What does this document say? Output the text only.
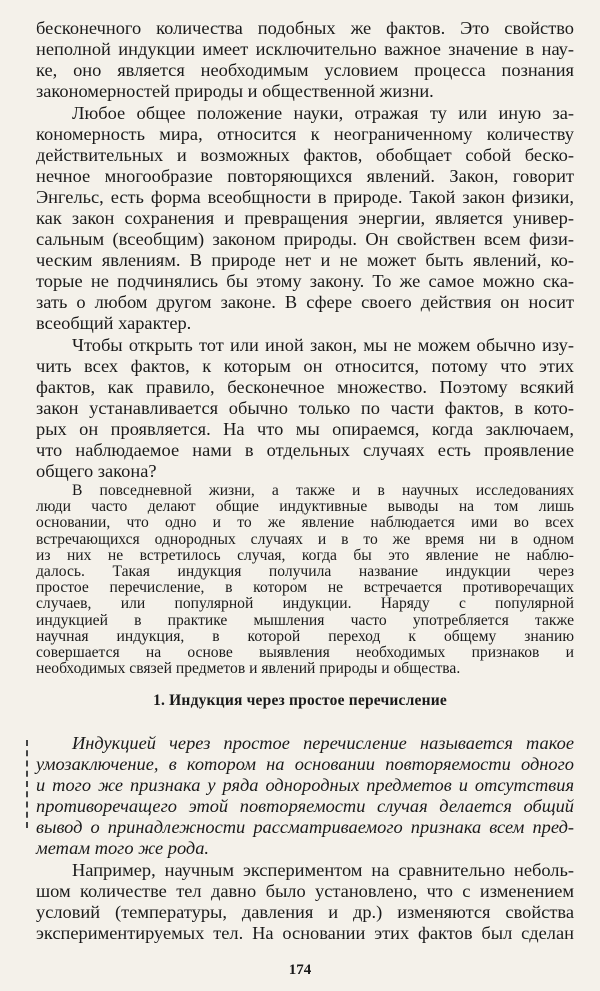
бесконечного количества подобных же фактов. Это свойство
неполной индукции имеет исключительно важное значение в нау-
ке, оно является необходимым условием процесса познания
закономерностей природы и общественной жизни.
Любое общее положение науки, отражая ту или иную за-
кономерность мира, относится к неограниченному количеству
действительных и возможных фактов, обобщает собой беско-
нечное многообразие повторяющихся явлений. Закон, говорит
Энгельс, есть форма всеобщности в природе. Такой закон физики,
как закон сохранения и превращения энергии, является универ-
сальным (всеобщим) законом природы. Он свойствен всем физи-
ческим явлениям. В природе нет и не может быть явлений, ко-
торые не подчинялись бы этому закону. То же самое можно ска-
зать о любом другом законе. В сфере своего действия он носит
всеобщий характер.
Чтобы открыть тот или иной закон, мы не можем обычно изу-
чить всех фактов, к которым он относится, потому что этих
фактов, как правило, бесконечное множество. Поэтому всякий
закон устанавливается обычно только по части фактов, в кото-
рых он проявляется. На что мы опираемся, когда заключаем,
что наблюдаемое нами в отдельных случаях есть проявление
общего закона?
В повседневной жизни, а также и в научных исследованиях
люди часто делают общие индуктивные выводы на том лишь
основании, что одно и то же явление наблюдается ими во всех
встречающихся однородных случаях и в то же время ни в одном
из них не встретилось случая, когда бы это явление не наблю-
далось. Такая индукция получила название индукции через
простое перечисление, в котором не встречается противоречащих
случаев, или популярной индукции. Наряду с популярной
индукцией в практике мышления часто употребляется также
1. Индукция через простое перечисление
Индукцией через простое перечисление называется такое
умозаключение, в котором на основании повторяемости одного
и того же признака у ряда однородных предметов и отсутствия
противоречащего этой повторяемости случая делается общий
вывод о принадлежности рассматриваемого признака всем пред-
метам того же рода.
Например, научным экспериментом на сравнительно неболь-
шом количестве тел давно было установлено, что с изменением
условий (температуры, давления и др.) изменяются свойства
экспериментируемых тел. На основании этих фактов был сделан
174
научная индукция, в которой переход к общему знанию
совершается на основе выявления необходимых признаков и
необходимых связей предметов и явлений природы и общества.
